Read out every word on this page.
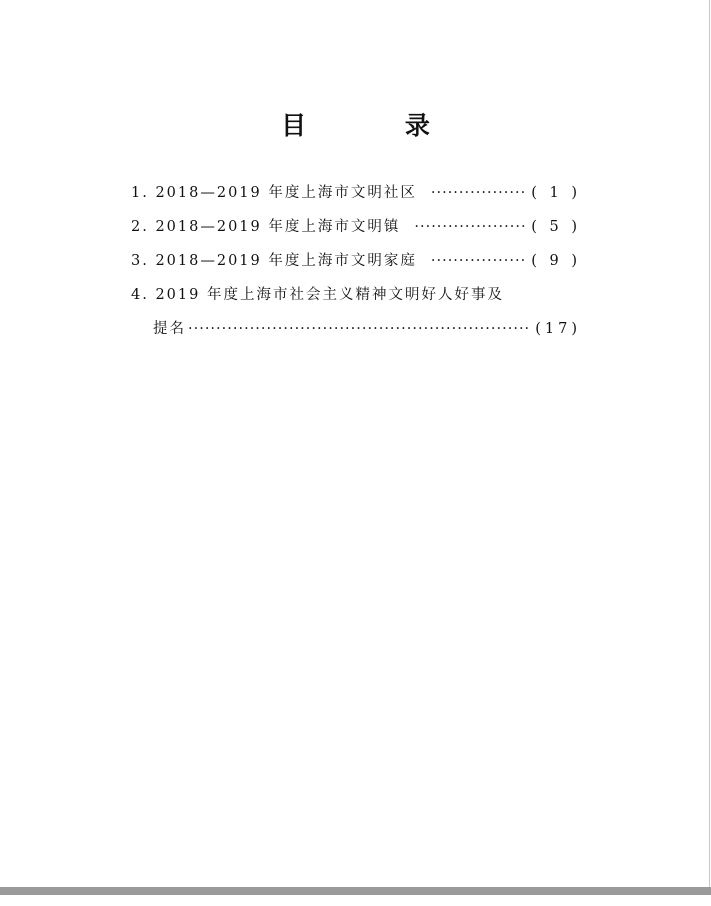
目 录
1. 2018—2019 年度上海市文明社区 ·····	( 1 )
2. 2018—2019 年度上海市文明镇 ·····	( 5 )
3. 2018—2019 年度上海市文明家庭 ·····	( 9 )
4. 2019 年度上海市社会主义精神文明好人好事及
提名 ·····	(17)
